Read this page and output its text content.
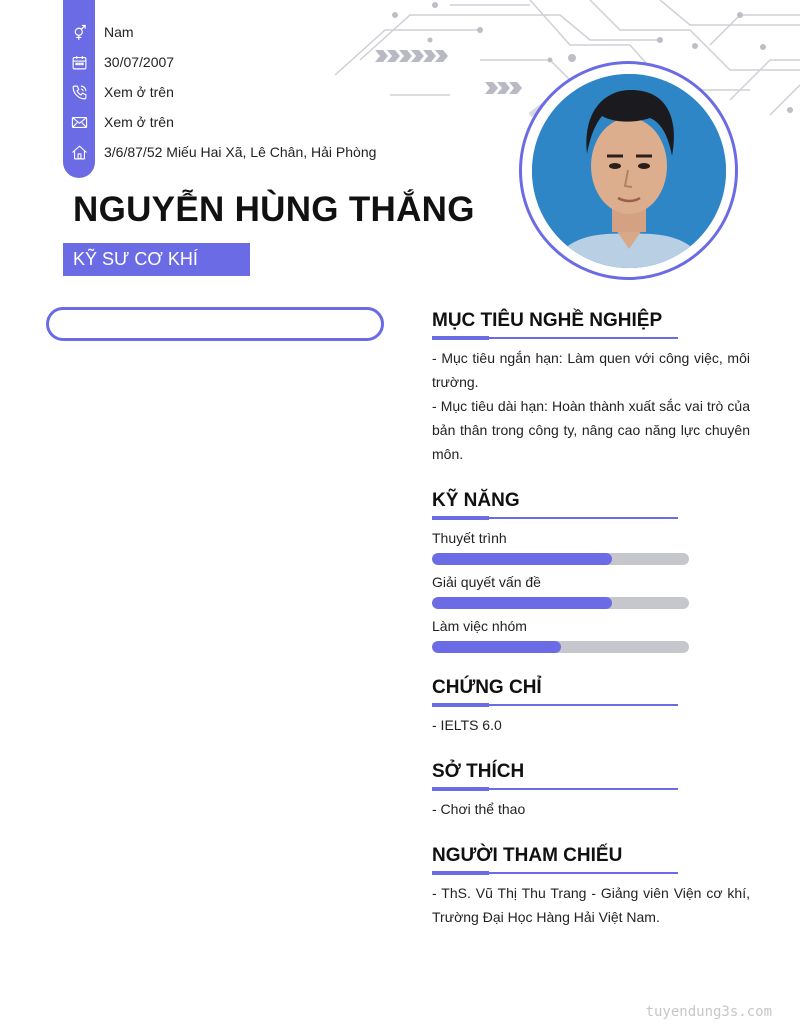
Nam
30/07/2007
Xem ở trên
Xem ở trên
3/6/87/52 Miếu Hai Xã, Lê Chân, Hải Phòng
NGUYỄN HÙNG THẮNG
KỸ SƯ CƠ KHÍ
MỤC TIÊU NGHỀ NGHIỆP
- Mục tiêu ngắn hạn: Làm quen với công việc, môi trường.
- Mục tiêu dài hạn: Hoàn thành xuất sắc vai trò của bản thân trong công ty, nâng cao năng lực chuyên môn.
KỸ NĂNG
Thuyết trình
Giải quyết vấn đề
Làm việc nhóm
CHỨNG CHỈ
- IELTS 6.0
SỞ THÍCH
- Chơi thể thao
NGƯỜI THAM CHIẾU
- ThS. Vũ Thị Thu Trang - Giảng viên Viện cơ khí, Trường Đại Học Hàng Hải Việt Nam.
tuyendung3s.com
